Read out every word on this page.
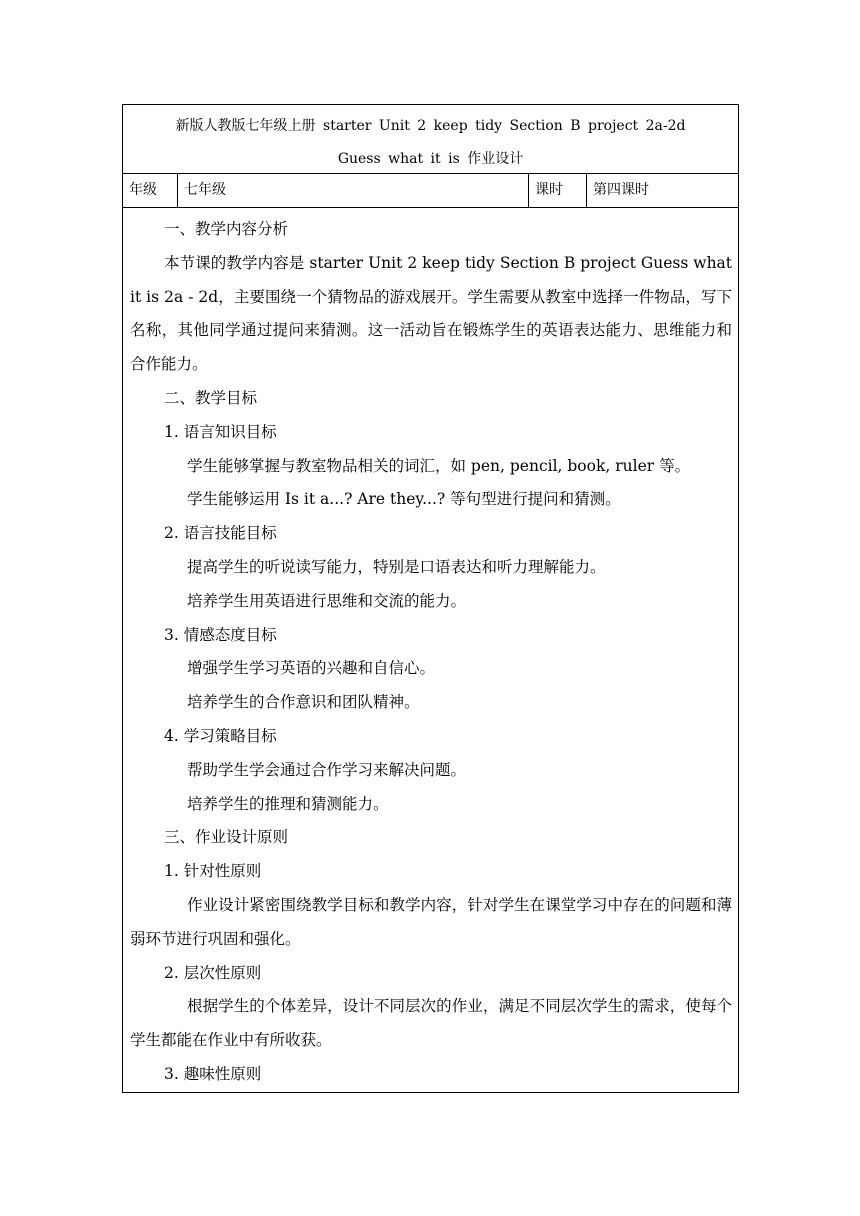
新版人教版七年级上册 starter Unit 2 keep tidy Section B project 2a-2d
Guess what it is 作业设计

年级	七年级	课时	第四课时

一、教学内容分析
本节课的教学内容是 starter Unit 2 keep tidy Section B project Guess what it is 2a - 2d，主要围绕一个猜物品的游戏展开。学生需要从教室中选择一件物品，写下名称，其他同学通过提问来猜测。这一活动旨在锻炼学生的英语表达能力、思维能力和合作能力。
二、教学目标
1. 语言知识目标
学生能够掌握与教室物品相关的词汇，如 pen, pencil, book, ruler 等。
学生能够运用 Is it a...? Are they...? 等句型进行提问和猜测。
2. 语言技能目标
提高学生的听说读写能力，特别是口语表达和听力理解能力。
培养学生用英语进行思维和交流的能力。
3. 情感态度目标
增强学生学习英语的兴趣和自信心。
培养学生的合作意识和团队精神。
4. 学习策略目标
帮助学生学会通过合作学习来解决问题。
培养学生的推理和猜测能力。
三、作业设计原则
1. 针对性原则
作业设计紧密围绕教学目标和教学内容，针对学生在课堂学习中存在的问题和薄弱环节进行巩固和强化。
2. 层次性原则
根据学生的个体差异，设计不同层次的作业，满足不同层次学生的需求，使每个学生都能在作业中有所收获。
3. 趣味性原则
